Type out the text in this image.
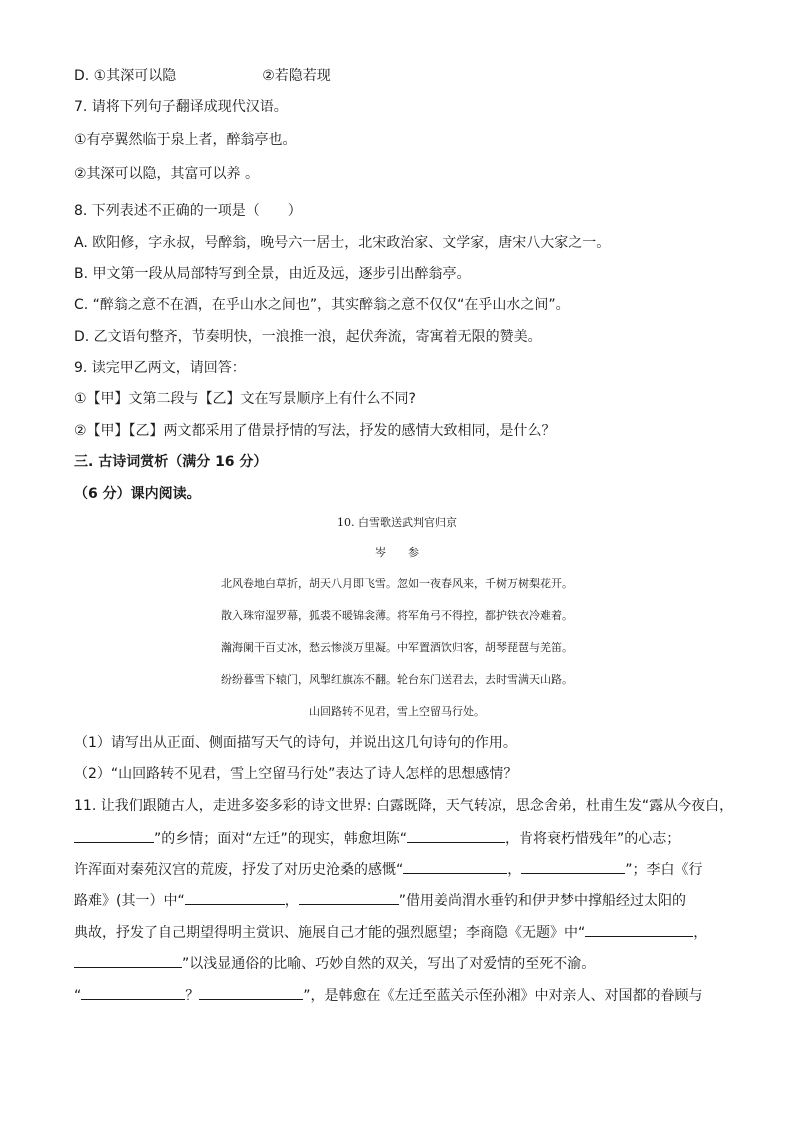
D. ①其深可以隐	②若隐若现
7. 请将下列句子翻译成现代汉语。
①有亭翼然临于泉上者，醉翁亭也。
②其深可以隐，其富可以养 。
8. 下列表述不正确的一项是（　　）
A. 欧阳修，字永叔，号醉翁，晚号六一居士，北宋政治家、文学家，唐宋八大家之一。
B. 甲文第一段从局部特写到全景，由近及远，逐步引出醉翁亭。
C. “醉翁之意不在酒，在乎山水之间也”，其实醉翁之意不仅仅“在乎山水之间”。
D. 乙文语句整齐，节奏明快，一浪推一浪，起伏奔流，寄寓着无限的赞美。
9. 读完甲乙两文，请回答：
①【甲】文第二段与【乙】文在写景顺序上有什么不同?
②【甲】【乙】两文都采用了借景抒情的写法，抒发的感情大致相同，是什么？
三. 古诗词赏析（满分 16 分）
（6 分）课内阅读。
10. 白雪歌送武判官归京
岑　　参
北风卷地白草折，胡天八月即飞雪。忽如一夜春风来，千树万树梨花开。
散入珠帘湿罗幕，狐裘不暖锦衾薄。将军角弓不得控，都护铁衣冷难着。
瀚海阑干百丈冰，愁云惨淡万里凝。中军置酒饮归客，胡琴琵琶与羌笛。
纷纷暮雪下辕门，风掣红旗冻不翻。轮台东门送君去，去时雪满天山路。
山回路转不见君，雪上空留马行处。
（1）请写出从正面、侧面描写天气的诗句，并说出这几句诗句的作用。
（2）“山回路转不见君，雪上空留马行处”表达了诗人怎样的思想感情？
11. 让我们跟随古人，走进多姿多彩的诗文世界: 白露既降，天气转凉，思念舍弟，杜甫生发“露从今夜白，
”的乡情；面对“左迁”的现实，韩愈坦陈“	，肯将衰朽惜残年”的心志；
许浑面对秦苑汉宫的荒废，抒发了对历史沧桑的感慨“	，	”；李白《行
路难》(其一）中“	，	”借用姜尚渭水垂钓和伊尹梦中撑船经过太阳的
典故，抒发了自己期望得明主赏识、施展自己才能的强烈愿望；李商隐《无题》中“	，
”以浅显通俗的比喻、巧妙自然的双关，写出了对爱情的至死不渝。
“	？	”，是韩愈在《左迁至蓝关示侄孙湘》中对亲人、对国都的眷顾与
